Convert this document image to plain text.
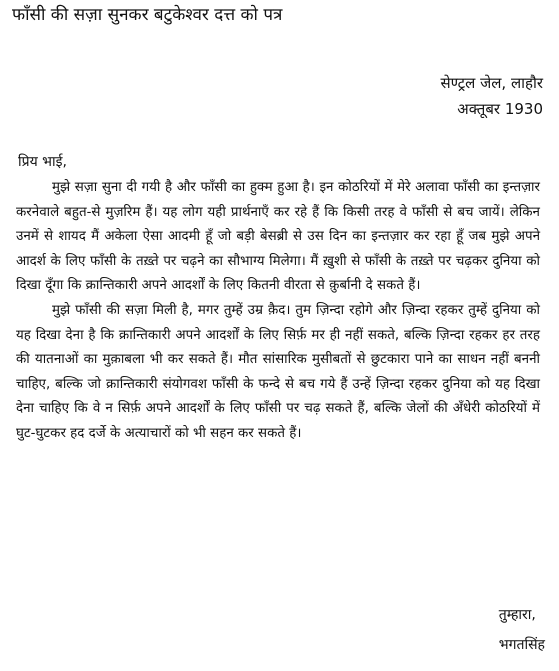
फाँसी की सज़ा सुनकर बटुकेश्वर दत्त को पत्र
सेण्ट्रल जेल, लाहौर
अक्तूबर 1930
प्रिय भाई,

मुझे सज़ा सुना दी गयी है और फाँसी का हुक्म हुआ है। इन कोठरियों में मेरे अलावा फाँसी का इन्तज़ार करनेवाले बहुत-से मुज़रिम हैं। यह लोग यही प्रार्थनाएँ कर रहे हैं कि किसी तरह वे फाँसी से बच जायें। लेकिन उनमें से शायद मैं अकेला ऐसा आदमी हूँ जो बड़ी बेसब्री से उस दिन का इन्तज़ार कर रहा हूँ जब मुझे अपने आदर्श के लिए फाँसी के तख़्ते पर चढ़ने का सौभाग्य मिलेगा। मैं ख़ुशी से फाँसी के तख़्ते पर चढ़कर दुनिया को दिखा दूँगा कि क्रान्तिकारी अपने आदर्शों के लिए कितनी वीरता से क़ुर्बानी दे सकते हैं।

मुझे फाँसी की सज़ा मिली है, मगर तुम्हें उम्र क़ैद। तुम ज़िन्दा रहोगे और ज़िन्दा रहकर तुम्हें दुनिया को यह दिखा देना है कि क्रान्तिकारी अपने आदर्शों के लिए सिर्फ़ मर ही नहीं सकते, बल्कि ज़िन्दा रहकर हर तरह की यातनाओं का मुक़ाबला भी कर सकते हैं। मौत सांसारिक मुसीबतों से छुटकारा पाने का साधन नहीं बननी चाहिए, बल्कि जो क्रान्तिकारी संयोगवश फाँसी के फन्दे से बच गये हैं उन्हें ज़िन्दा रहकर दुनिया को यह दिखा देना चाहिए कि वे न सिर्फ़ अपने आदर्शों के लिए फाँसी पर चढ़ सकते हैं, बल्कि जेलों की अँधेरी कोठरियों में घुट-घुटकर हद दर्जे के अत्याचारों को भी सहन कर सकते हैं।

तुम्हारा,
भगतसिंह
